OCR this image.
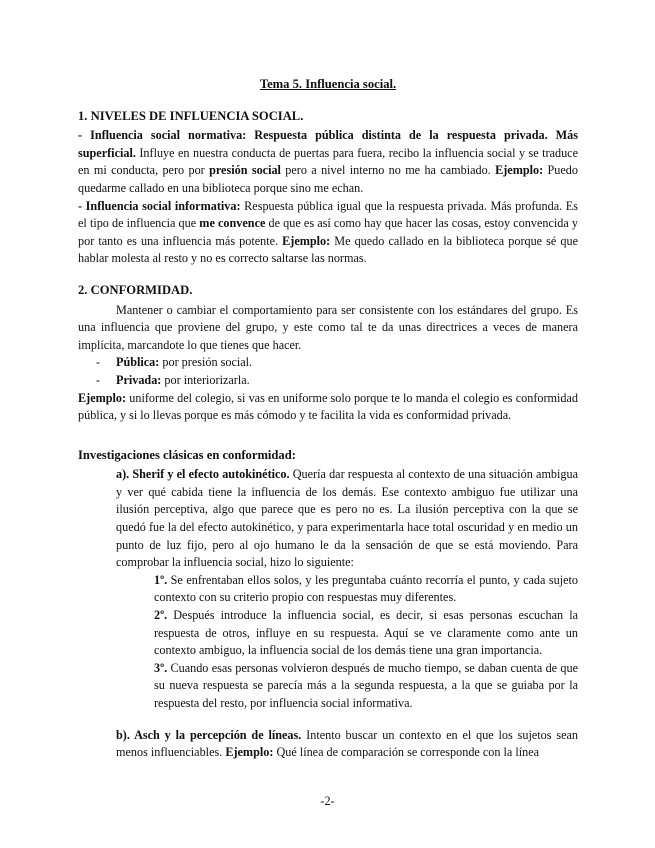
Tema 5. Influencia social.
1. NIVELES DE INFLUENCIA SOCIAL.

- Influencia social normativa: Respuesta pública distinta de la respuesta privada. Más superficial. Influye en nuestra conducta de puertas para fuera, recibo la influencia social y se traduce en mi conducta, pero por presión social pero a nivel interno no me ha cambiado. Ejemplo: Puedo quedarme callado en una biblioteca porque sino me echan.

- Influencia social informativa: Respuesta pública igual que la respuesta privada. Más profunda. Es el tipo de influencia que me convence de que es así como hay que hacer las cosas, estoy convencida y por tanto es una influencia más potente. Ejemplo: Me quedo callado en la biblioteca porque sé que hablar molesta al resto y no es correcto saltarse las normas.

2. CONFORMIDAD.

Mantener o cambiar el comportamiento para ser consistente con los estándares del grupo. Es una influencia que proviene del grupo, y este como tal te da unas directrices a veces de manera implícita, marcandote lo que tienes que hacer.

- Pública: por presión social.
- Privada: por interiorizarla.

Ejemplo: uniforme del colegio, si vas en uniforme solo porque te lo manda el colegio es conformidad pública, y si lo llevas porque es más cómodo y te facilita la vida es conformidad privada.

Investigaciones clásicas en conformidad:

a). Sherif y el efecto autokinético. Quería dar respuesta al contexto de una situación ambigua y ver qué cabida tiene la influencia de los demás. Ese contexto ambiguo fue utilizar una ilusión perceptiva, algo que parece que es pero no es. La ilusión perceptiva con la que se quedó fue la del efecto autokinético, y para experimentarla hace total oscuridad y en medio un punto de luz fijo, pero al ojo humano le da la sensación de que se está moviendo. Para comprobar la influencia social, hizo lo siguiente:

1º. Se enfrentaban ellos solos, y les preguntaba cuánto recorría el punto, y cada sujeto contexto con su criterio propio con respuestas muy diferentes.

2º. Después introduce la influencia social, es decir, si esas personas escuchan la respuesta de otros, influye en su respuesta. Aquí se ve claramente como ante un contexto ambiguo, la influencia social de los demás tiene una gran importancia.

3º. Cuando esas personas volvieron después de mucho tiempo, se daban cuenta de que su nueva respuesta se parecía más a la segunda respuesta, a la que se guiaba por la respuesta del resto, por influencia social informativa.

b). Asch y la percepción de líneas. Intento buscar un contexto en el que los sujetos sean menos influenciables. Ejemplo: Qué línea de comparación se corresponde con la línea

-2-
